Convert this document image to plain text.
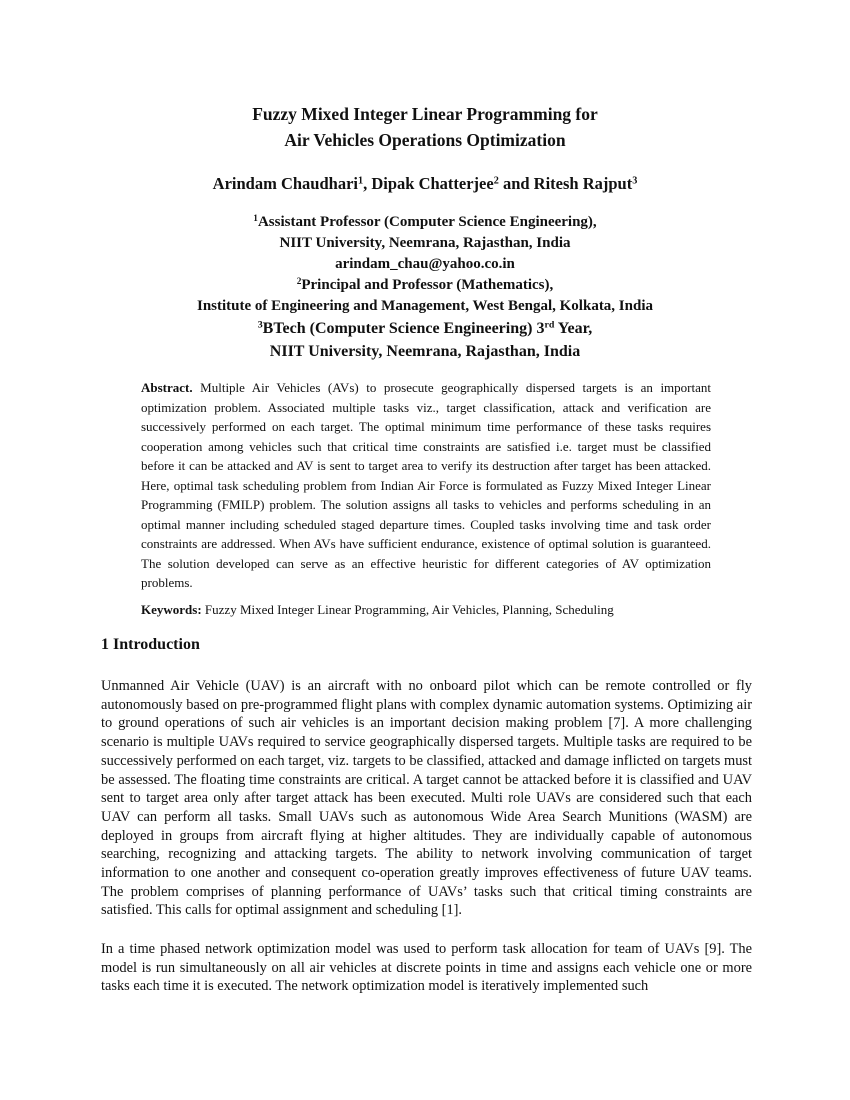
Fuzzy Mixed Integer Linear Programming for
Air Vehicles Operations Optimization
Arindam Chaudhari$^1$, Dipak Chatterjee$^2$ and Ritesh Rajput$^3$
$^1$Assistant Professor (Computer Science Engineering),
NIIT University, Neemrana, Rajasthan, India
arindam_chau@yahoo.co.in
$^2$Principal and Professor (Mathematics),
Institute of Engineering and Management, West Bengal, Kolkata, India
$^3$BTech (Computer Science Engineering) 3rd Year,
NIIT University, Neemrana, Rajasthan, India
Abstract. Multiple Air Vehicles (AVs) to prosecute geographically dispersed targets is an important optimization problem. Associated multiple tasks viz., target classification, attack and verification are successively performed on each target. The optimal minimum time performance of these tasks requires cooperation among vehicles such that critical time constraints are satisfied i.e. target must be classified before it can be attacked and AV is sent to target area to verify its destruction after target has been attacked. Here, optimal task scheduling problem from Indian Air Force is formulated as Fuzzy Mixed Integer Linear Programming (FMILP) problem. The solution assigns all tasks to vehicles and performs scheduling in an optimal manner including scheduled staged departure times. Coupled tasks involving time and task order constraints are addressed. When AVs have sufficient endurance, existence of optimal solution is guaranteed. The solution developed can serve as an effective heuristic for different categories of AV optimization problems.
Keywords: Fuzzy Mixed Integer Linear Programming, Air Vehicles, Planning, Scheduling
1 Introduction
Unmanned Air Vehicle (UAV) is an aircraft with no onboard pilot which can be remote controlled or fly autonomously based on pre-programmed flight plans with complex dynamic automation systems. Optimizing air to ground operations of such air vehicles is an important decision making problem [7]. A more challenging scenario is multiple UAVs required to service geographically dispersed targets. Multiple tasks are required to be successively performed on each target, viz. targets to be classified, attacked and damage inflicted on targets must be assessed. The floating time constraints are critical. A target cannot be attacked before it is classified and UAV sent to target area only after target attack has been executed. Multi role UAVs are considered such that each UAV can perform all tasks. Small UAVs such as autonomous Wide Area Search Munitions (WASM) are deployed in groups from aircraft flying at higher altitudes. They are individually capable of autonomous searching, recognizing and attacking targets. The ability to network involving communication of target information to one another and consequent co-operation greatly improves effectiveness of future UAV teams. The problem comprises of planning performance of UAVs’ tasks such that critical timing constraints are satisfied. This calls for optimal assignment and scheduling [1].
In a time phased network optimization model was used to perform task allocation for team of UAVs [9]. The model is run simultaneously on all air vehicles at discrete points in time and assigns each vehicle one or more tasks each time it is executed. The network optimization model is iteratively implemented such
